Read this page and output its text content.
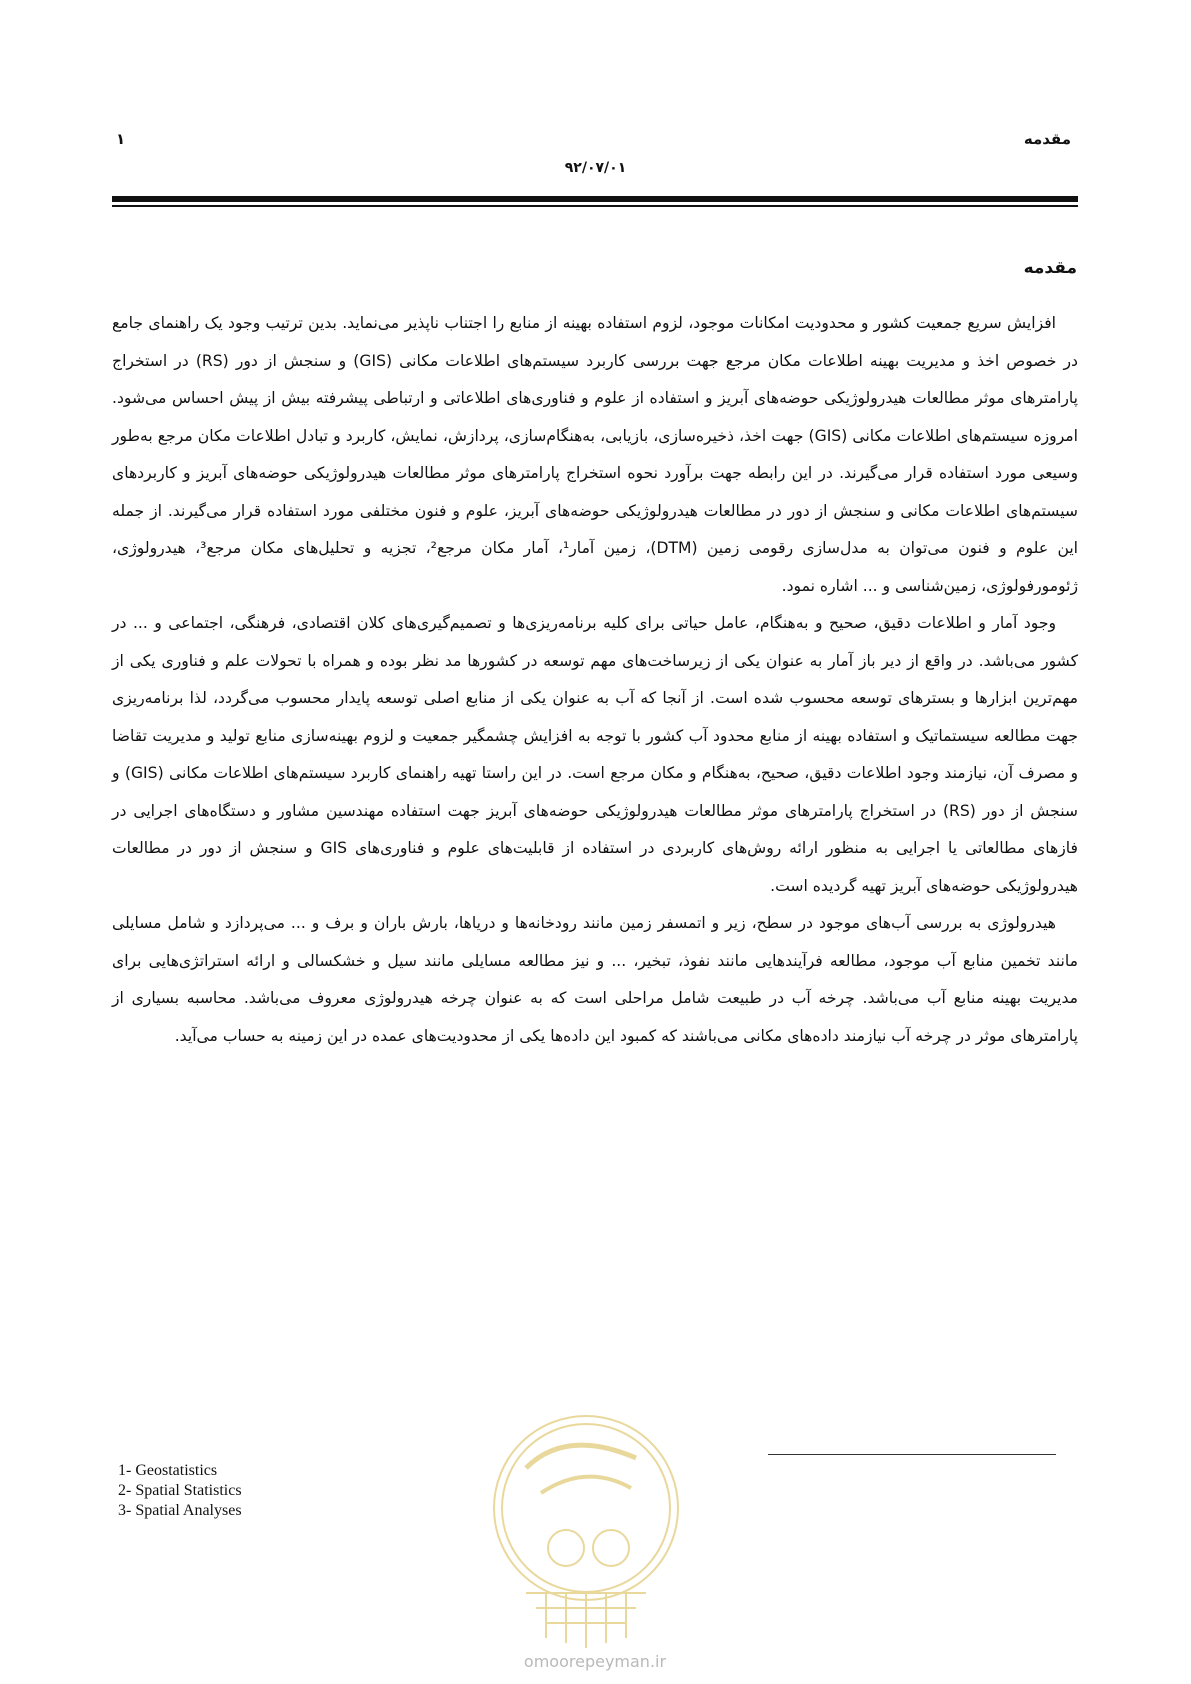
مقدمه
۱
۹۲/۰۷/۰۱
مقدمه

افزایش سریع جمعیت کشور و محدودیت امکانات موجود، لزوم استفاده بهینه از منابع را اجتناب ناپذیر می‌نماید. بدین ترتیب وجود یک راهنمای جامع در خصوص اخذ و مدیریت بهینه اطلاعات مکان مرجع جهت بررسی کاربرد سیستم‌های اطلاعات مکانی (GIS) و سنجش از دور (RS) در استخراج پارامترهای موثر مطالعات هیدرولوژیکی حوضه‌های آبریز و استفاده از علوم و فناوری‌های اطلاعاتی و ارتباطی پیشرفته بیش از پیش احساس می‌شود. امروزه سیستم‌های اطلاعات مکانی (GIS) جهت اخذ، ذخیره‌سازی، بازیابی، به‌هنگام‌سازی، پردازش، نمایش، کاربرد و تبادل اطلاعات مکان مرجع به‌طور وسیعی مورد استفاده قرار می‌گیرند. در این رابطه جهت برآورد نحوه استخراج پارامترهای موثر مطالعات هیدرولوژیکی حوضه‌های آبریز و کاربردهای سیستم‌های اطلاعات مکانی و سنجش از دور در مطالعات هیدرولوژیکی حوضه‌های آبریز، علوم و فنون مختلفی مورد استفاده قرار می‌گیرند. از جمله این علوم و فنون می‌توان به مدل‌سازی رقومی زمین (DTM)، زمین آمار¹، آمار مکان مرجع²، تجزیه و تحلیل‌های مکان مرجع³، هیدرولوژی، ژئومورفولوژی، زمین‌شناسی و ... اشاره نمود.

وجود آمار و اطلاعات دقیق، صحیح و به‌هنگام، عامل حیاتی برای کلیه برنامه‌ریزی‌ها و تصمیم‌گیری‌های کلان اقتصادی، فرهنگی، اجتماعی و ... در کشور می‌باشد. در واقع از دیر باز آمار به عنوان یکی از زیرساخت‌های مهم توسعه در کشورها مد نظر بوده و همراه با تحولات علم و فناوری یکی از مهم‌ترین ابزارها و بسترهای توسعه محسوب شده است. از آنجا که آب به عنوان یکی از منابع اصلی توسعه پایدار محسوب می‌گردد، لذا برنامه‌ریزی جهت مطالعه سیستماتیک و استفاده بهینه از منابع محدود آب کشور با توجه به افزایش چشمگیر جمعیت و لزوم بهینه‌سازی منابع تولید و مدیریت تقاضا و مصرف آن، نیازمند وجود اطلاعات دقیق، صحیح، به‌هنگام و مکان مرجع است. در این راستا تهیه راهنمای کاربرد سیستم‌های اطلاعات مکانی (GIS) و سنجش از دور (RS) در استخراج پارامترهای موثر مطالعات هیدرولوژیکی حوضه‌های آبریز جهت استفاده مهندسین مشاور و دستگاه‌های اجرایی در فازهای مطالعاتی یا اجرایی به منظور ارائه روش‌های کاربردی در استفاده از قابلیت‌های علوم و فناوری‌های GIS و سنجش از دور در مطالعات هیدرولوژیکی حوضه‌های آبریز تهیه گردیده است.

هیدرولوژی به بررسی آب‌های موجود در سطح، زیر و اتمسفر زمین مانند رودخانه‌ها و دریاها، بارش باران و برف و ... می‌پردازد و شامل مسایلی مانند تخمین منابع آب موجود، مطالعه فرآیندهایی مانند نفوذ، تبخیر، ... و نیز مطالعه مسایلی مانند سیل و خشکسالی و ارائه استراتژی‌هایی برای مدیریت بهینه منابع آب می‌باشد. چرخه آب در طبیعت شامل مراحلی است که به عنوان چرخه هیدرولوژی معروف می‌باشد. محاسبه بسیاری از پارامترهای موثر در چرخه آب نیازمند داده‌های مکانی می‌باشند که کمبود این داده‌ها یکی از محدودیت‌های عمده در این زمینه به حساب می‌آید.

1- Geostatistics
2- Spatial Statistics
3- Spatial Analyses
omoorepeyman.ir
